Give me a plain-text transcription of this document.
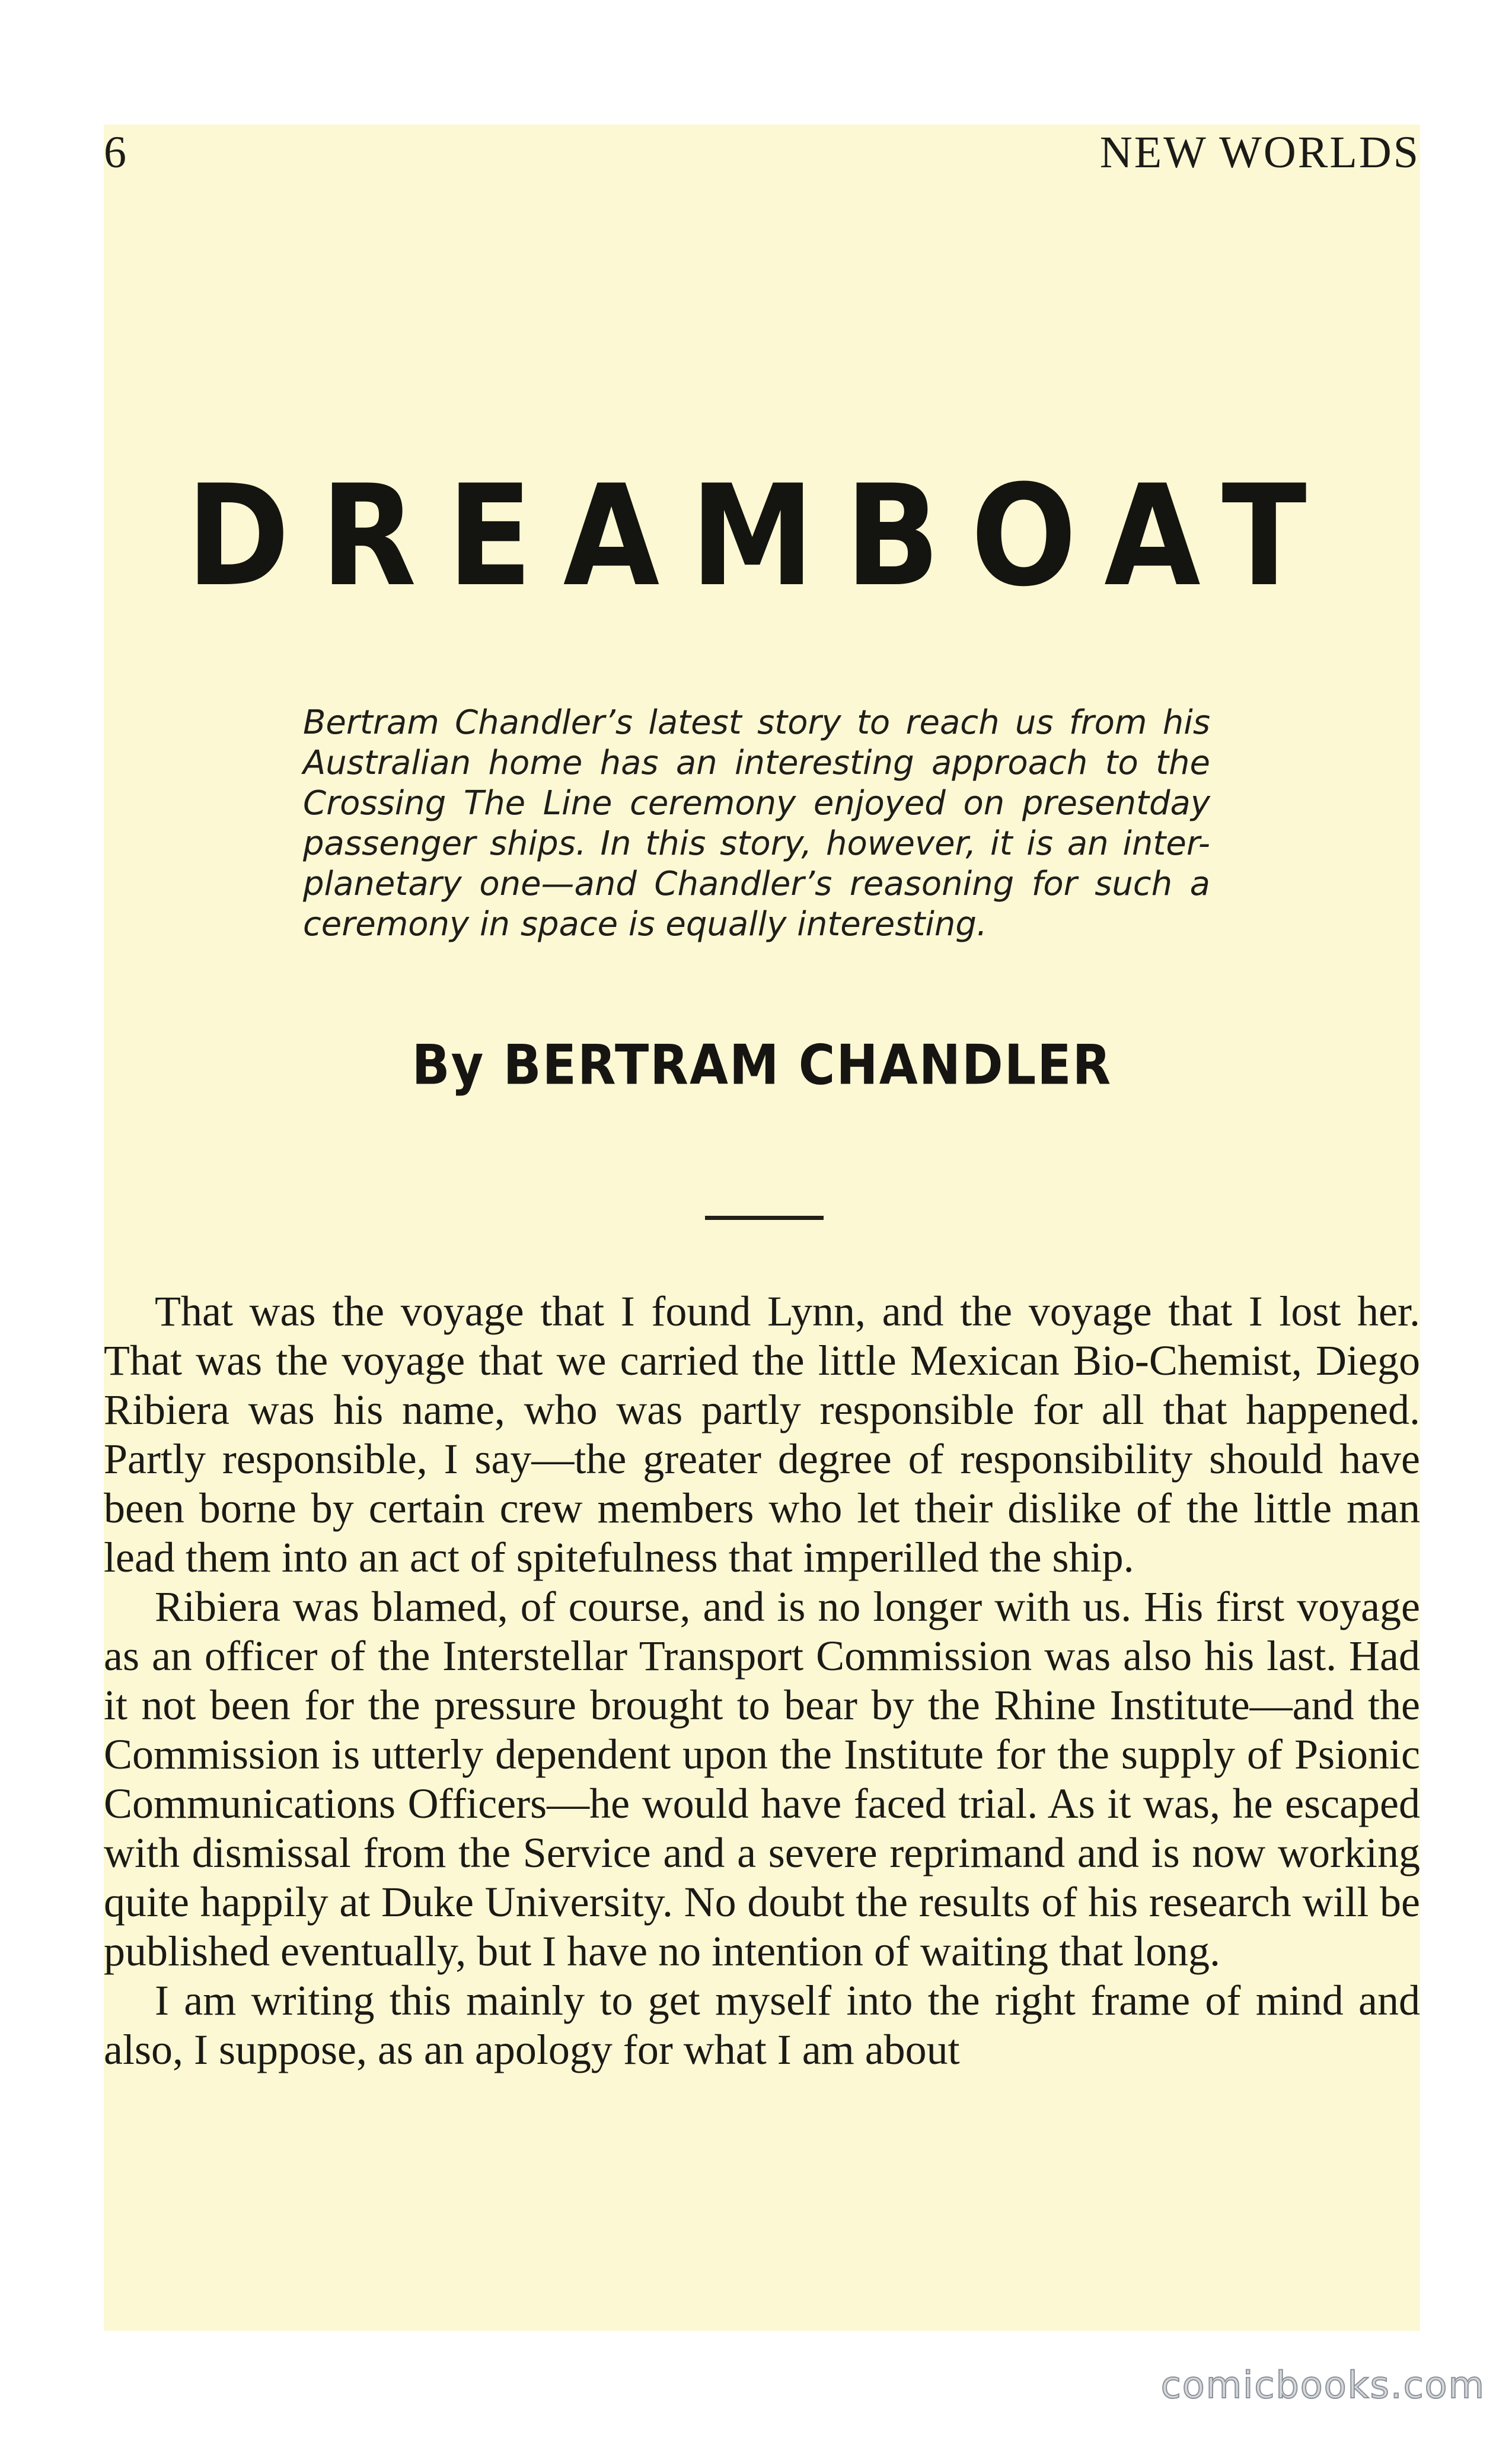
6	NEW WORLDS
DREAMBOAT
Bertram Chandler’s latest story to reach us from his Australian home has an interesting approach to the Crossing The Line ceremony enjoyed on presentday passenger ships. In this story, however, it is an inter-planetary one—and Chandler’s reasoning for such a ceremony in space is equally interesting.
By BERTRAM CHANDLER

That was the voyage that I found Lynn, and the voyage that I lost her. That was the voyage that we carried the little Mexican Bio-Chemist, Diego Ribiera was his name, who was partly responsible for all that happened. Partly responsible, I say—the greater degree of responsibility should have been borne by certain crew members who let their dislike of the little man lead them into an act of spitefulness that imperilled the ship.

Ribiera was blamed, of course, and is no longer with us. His first voyage as an officer of the Interstellar Transport Commission was also his last. Had it not been for the pressure brought to bear by the Rhine Institute—and the Commission is utterly dependent upon the Institute for the supply of Psionic Communications Officers—he would have faced trial. As it was, he escaped with dismissal from the Service and a severe reprimand and is now working quite happily at Duke University. No doubt the results of his research will be published eventually, but I have no intention of waiting that long.

I am writing this mainly to get myself into the right frame of mind and also, I suppose, as an apology for what I am about

comicbooks.com
